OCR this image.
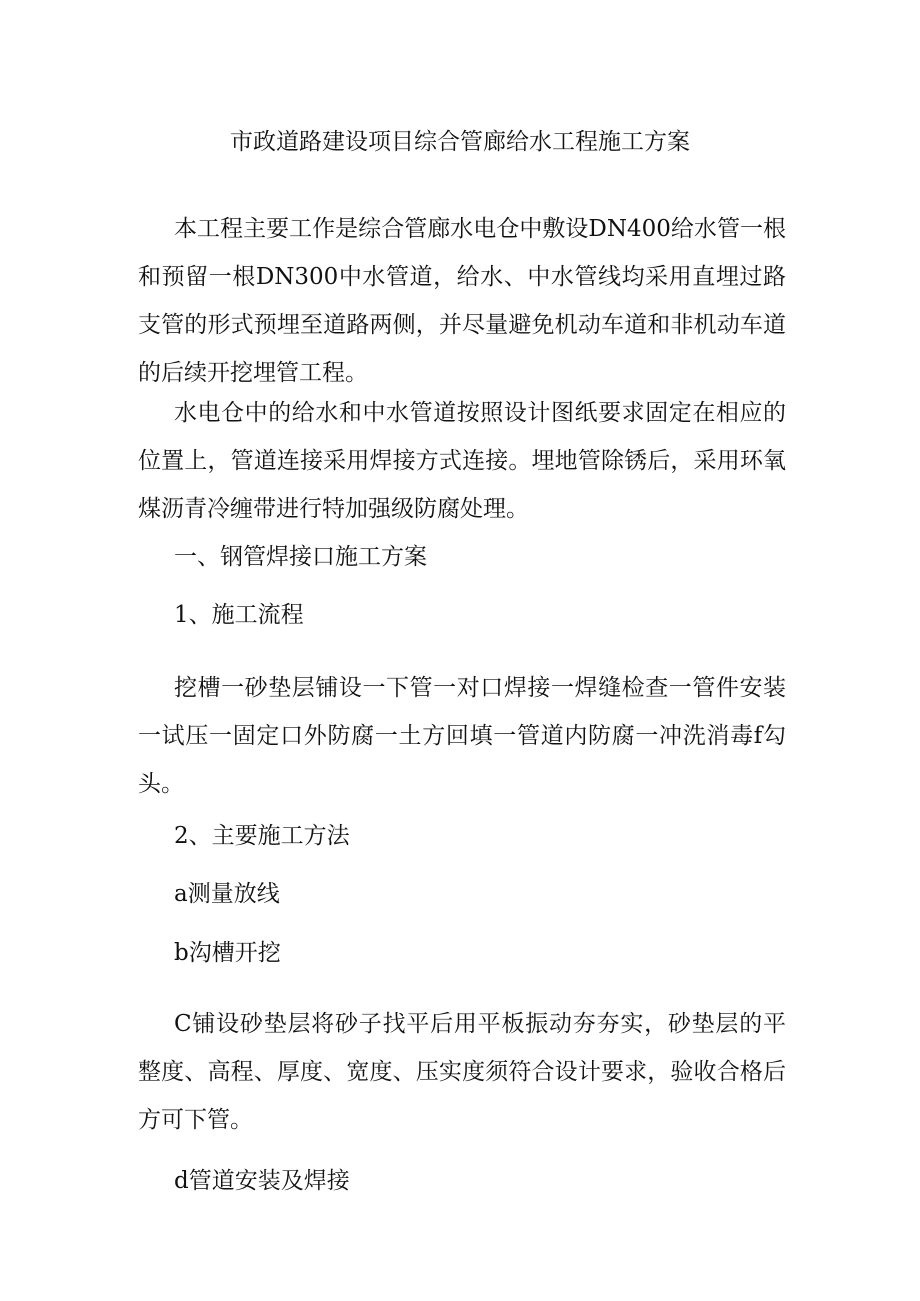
市政道路建设项目综合管廊给水工程施工方案

本工程主要工作是综合管廊水电仓中敷设DN400给水管一根和预留一根DN300中水管道，给水、中水管线均采用直埋过路支管的形式预埋至道路两侧，并尽量避免机动车道和非机动车道的后续开挖埋管工程。

水电仓中的给水和中水管道按照设计图纸要求固定在相应的位置上，管道连接采用焊接方式连接。埋地管除锈后，采用环氧煤沥青冷缠带进行特加强级防腐处理。

一、钢管焊接口施工方案

1、施工流程

挖槽一砂垫层铺设一下管一对口焊接一焊缝检查一管件安装一试压一固定口外防腐一土方回填一管道内防腐一冲洗消毒f勾头。

2、主要施工方法

a测量放线

b沟槽开挖

C铺设砂垫层将砂子找平后用平板振动夯夯实，砂垫层的平整度、高程、厚度、宽度、压实度须符合设计要求，验收合格后方可下管。

d管道安装及焊接
